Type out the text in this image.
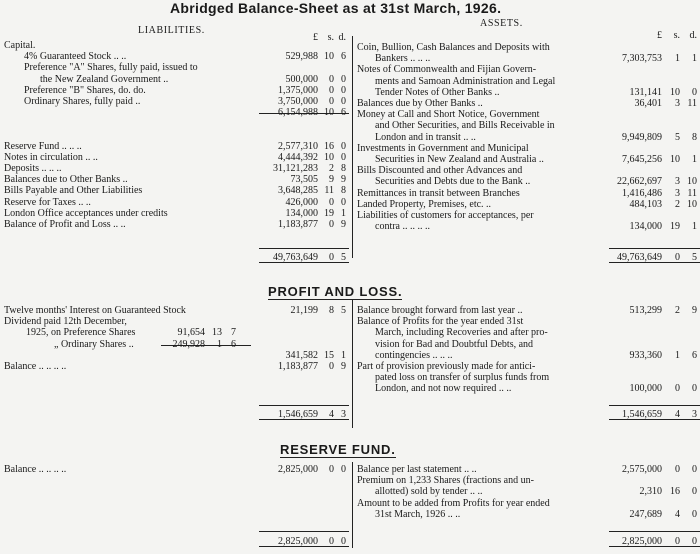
Abridged Balance-Sheet as at 31st March, 1926.
LIABILITIES.
ASSETS.
Capital.
4% Guaranteed Stock .. ..	529,988 10 6
Preference "A" Shares, fully paid, issued to
the New Zealand Government ..	500,000	0 0
Preference "B" Shares, do. do.	1,375,000	0 0
Ordinary Shares, fully paid ..	3,750,000	0 0
6,154,988 10 6
Reserve Fund .. .. ..	2,577,310 16 0
Notes in circulation .. ..	4,444,392 10 0
Deposits .. .. ..	31,121,283	2 8
Balances due to Other Banks ..	73,505	9 9
Bills Payable and Other Liabilities	3,648,285 11 8
Reserve for Taxes .. ..	426,000	0 0
London Office acceptances under credits	134,000 19 1
Balance of Profit and Loss .. ..	1,183,877	0 9
49,763,649	0 5
Coin, Bullion, Cash Balances and Deposits with
Bankers .. .. ..	7,303,753	1	1
Notes of Commonwealth and Fijian Govern-
ments and Samoan Administration and Legal
Tender Notes of Other Banks ..	131,141 10	0
Balances due by Other Banks ..	36,401	3 11
Money at Call and Short Notice, Government
and Other Securities, and Bills Receivable in
London and in transit .. ..	9,949,809	5	8
Investments in Government and Municipal
Securities in New Zealand and Australia ..	7,645,256 10	1
Bills Discounted and other Advances and
Securities and Debts due to the Bank ..	22,662,697	3 10
Remittances in transit between Branches	1,416,486	3 11
Landed Property, Premises, etc. ..	484,103	2 10
Liabilities of customers for acceptances, per
contra .. .. .. ..	134,000 19	1
49,763,649	0	5
PROFIT AND LOSS.
Twelve months' Interest on Guaranteed Stock	21,199	8 5
Dividend paid 12th December,
1925, on Preference Shares	91,654 13 7
„ Ordinary Shares ..	249,928	1 6
341,582 15 1
Balance .. .. .. ..	1,183,877	0 9
1,546,659	4 3
Balance brought forward from last year ..	513,299	2	9
Balance of Profits for the year ended 31st
March, including Recoveries and after pro-
vision for Bad and Doubtful Debts, and
contingencies .. .. ..	933,360	1	6
Part of provision previously made for antici-
pated loss on transfer of surplus funds from
London, and not now required .. ..	100,000	0	0
1,546,659	4	3
RESERVE FUND.
Balance .. .. .. ..	2,825,000	0 0
2,825,000	0 0
Balance per last statement .. ..	2,575,000	0	0
Premium on 1,233 Shares (fractions and un-
allotted) sold by tender .. ..	2,310 16	0
Amount to be added from Profits for year ended
31st March, 1926 .. ..	247,689	4	0
2,825,000	0	0
£	£
s.	s.
d.	d.
